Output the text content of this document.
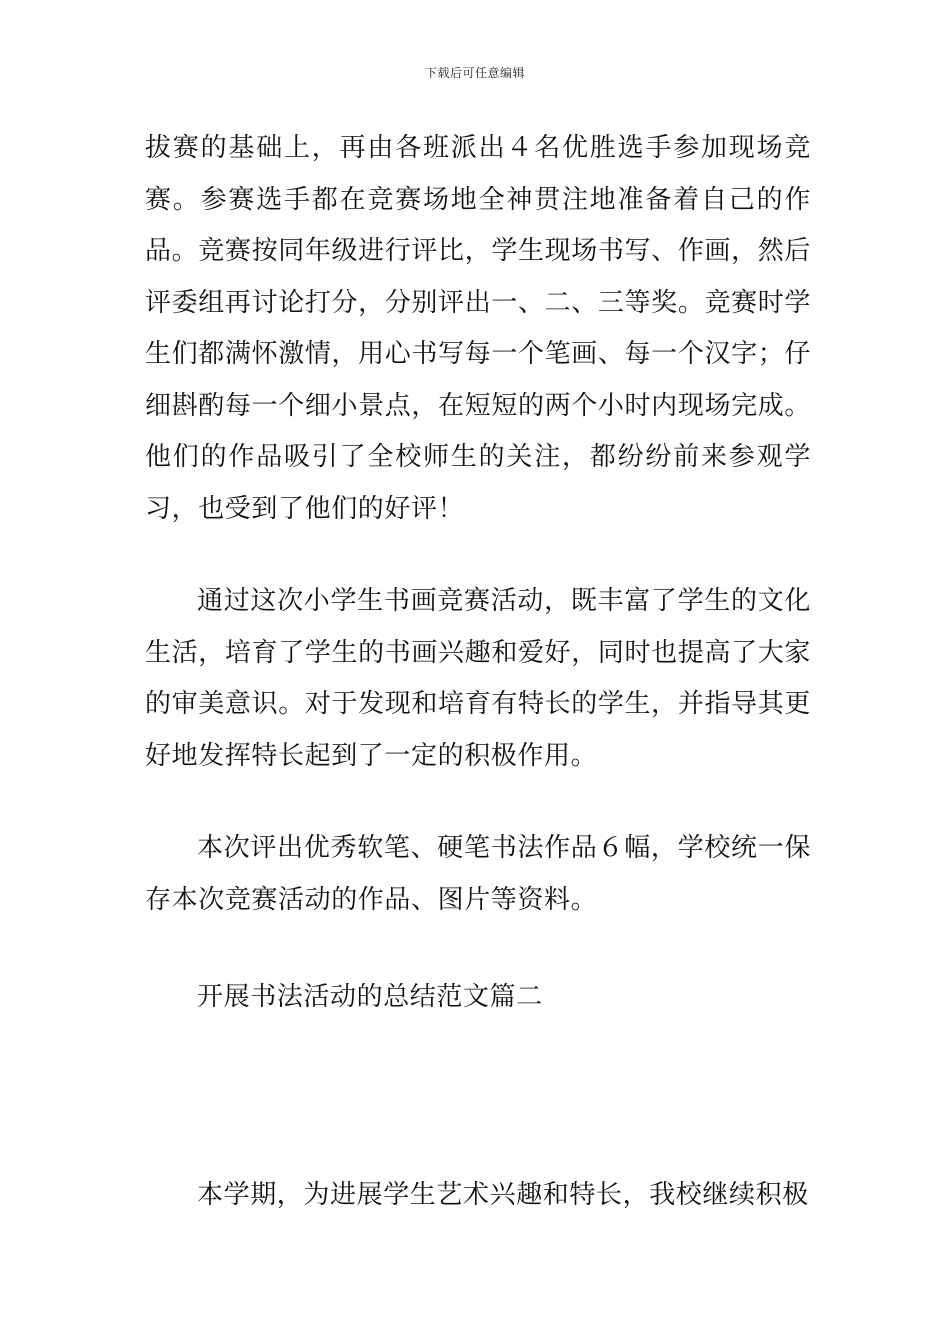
下载后可任意编辑

拔赛的基础上，再由各班派出４名优胜选手参加现场竞赛。参赛选手都在竞赛场地全神贯注地准备着自己的作品。竞赛按同年级进行评比，学生现场书写、作画，然后评委组再讨论打分，分别评出一、二、三等奖。竞赛时学生们都满怀激情，用心书写每一个笔画、每一个汉字；仔细斟酌每一个细小景点，在短短的两个小时内现场完成。他们的作品吸引了全校师生的关注，都纷纷前来参观学习，也受到了他们的好评！

通过这次小学生书画竞赛活动，既丰富了学生的文化生活，培育了学生的书画兴趣和爱好，同时也提高了大家的审美意识。对于发现和培育有特长的学生，并指导其更好地发挥特长起到了一定的积极作用。

本次评出优秀软笔、硬笔书法作品６幅，学校统一保存本次竞赛活动的作品、图片等资料。

开展书法活动的总结范文篇二

本学期，为进展学生艺术兴趣和特长，我校继续积极
